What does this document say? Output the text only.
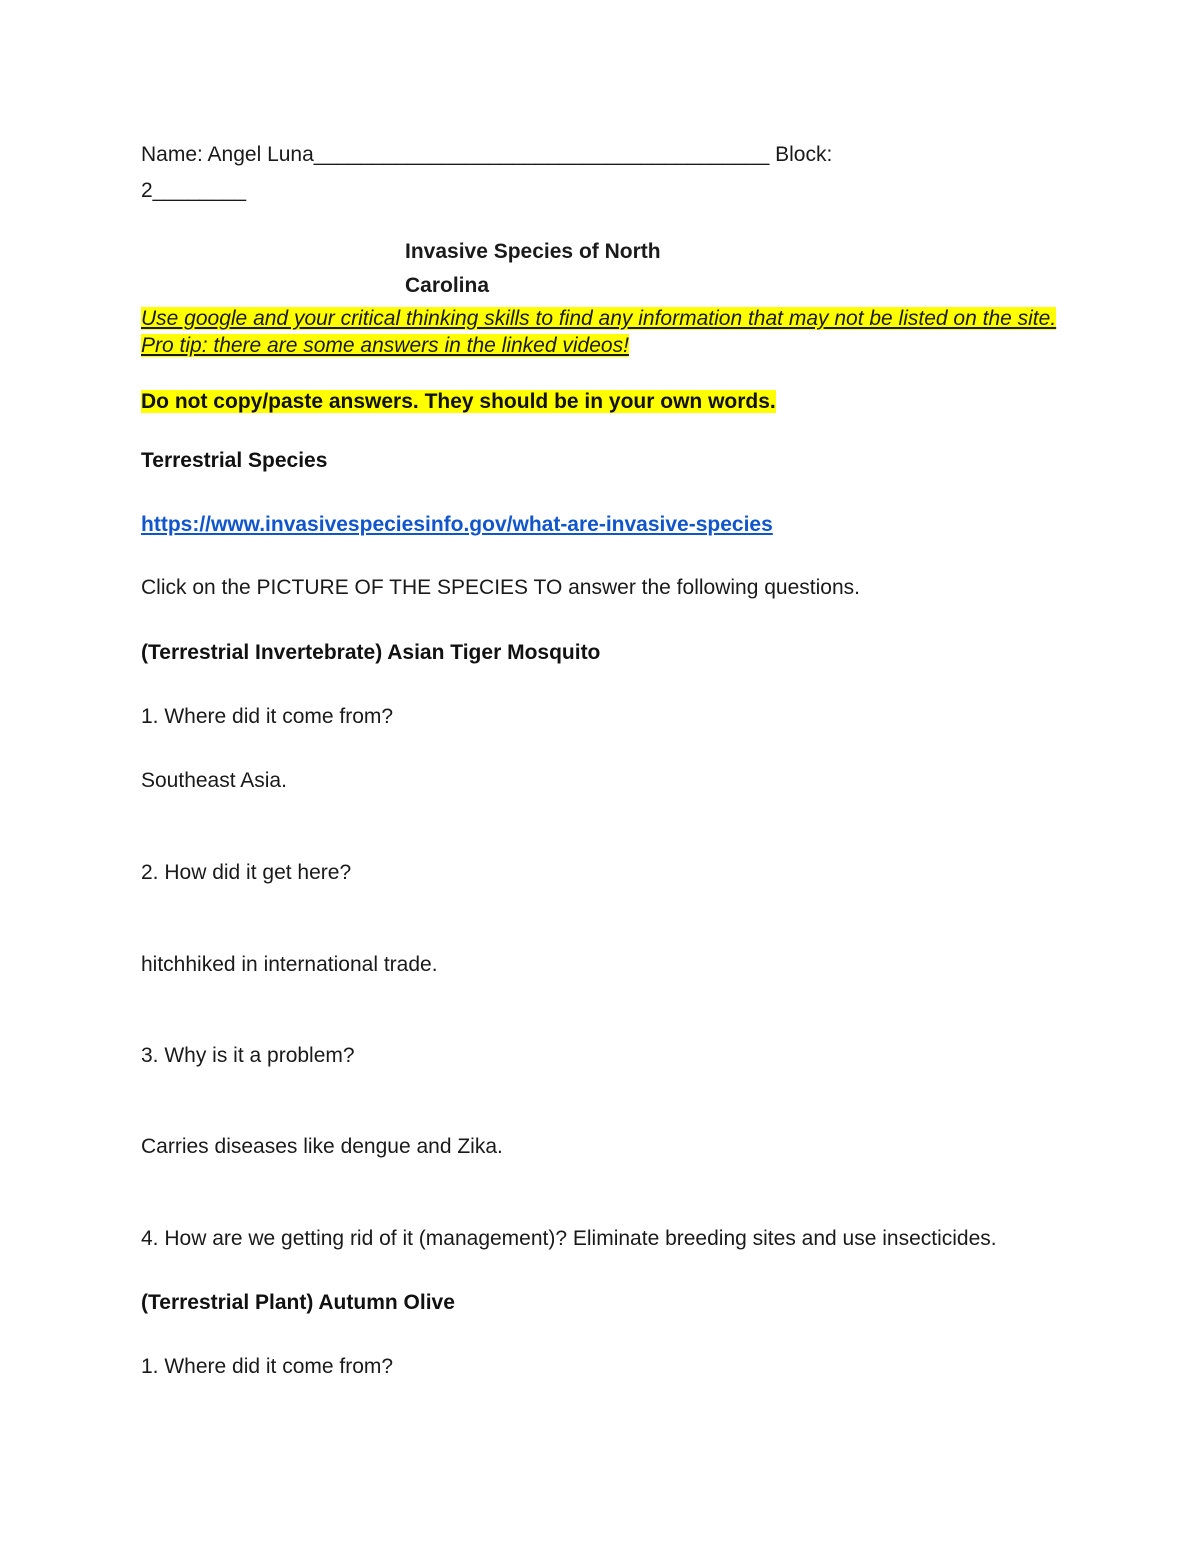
Name: Angel Luna_______________________________________ Block:
2________
Invasive Species of North
Carolina
Use google and your critical thinking skills to find any information that may not be listed on the site. Pro tip: there are some answers in the linked videos!
Do not copy/paste answers. They should be in your own words.
Terrestrial Species
https://www.invasivespeciesinfo.gov/what-are-invasive-species
Click on the PICTURE OF THE SPECIES TO answer the following questions.
(Terrestrial Invertebrate) Asian Tiger Mosquito
1. Where did it come from?
Southeast Asia.
2. How did it get here?
hitchhiked in international trade.
3. Why is it a problem?
Carries diseases like dengue and Zika.
4. How are we getting rid of it (management)? Eliminate breeding sites and use insecticides.
(Terrestrial Plant) Autumn Olive
1. Where did it come from?
